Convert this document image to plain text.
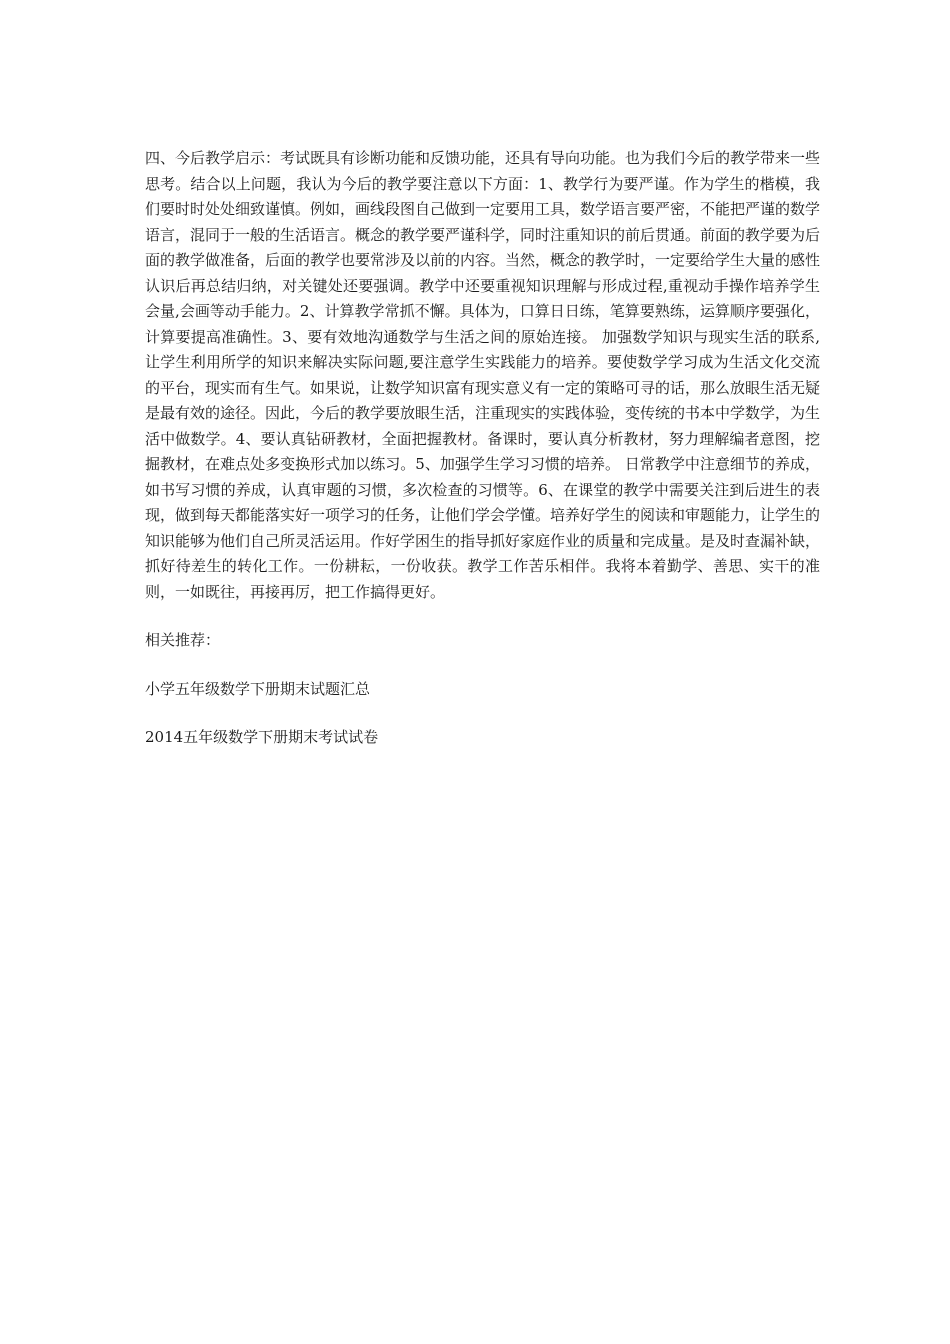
四、今后教学启示：考试既具有诊断功能和反馈功能，还具有导向功能。也为我们今后的教学带来一些思考。结合以上问题，我认为今后的教学要注意以下方面：1、教学行为要严谨。作为学生的楷模，我们要时时处处细致谨慎。例如，画线段图自己做到一定要用工具，数学语言要严密，不能把严谨的数学语言，混同于一般的生活语言。概念的教学要严谨科学，同时注重知识的前后贯通。前面的教学要为后面的教学做准备，后面的教学也要常涉及以前的内容。当然，概念的教学时，一定要给学生大量的感性认识后再总结归纳，对关键处还要强调。教学中还要重视知识理解与形成过程,重视动手操作培养学生会量,会画等动手能力。2、计算教学常抓不懈。具体为，口算日日练，笔算要熟练，运算顺序要强化，计算要提高准确性。3、要有效地沟通数学与生活之间的原始连接。 加强数学知识与现实生活的联系,让学生利用所学的知识来解决实际问题,要注意学生实践能力的培养。要使数学学习成为生活文化交流的平台，现实而有生气。如果说，让数学知识富有现实意义有一定的策略可寻的话，那么放眼生活无疑是最有效的途径。因此，今后的教学要放眼生活，注重现实的实践体验，变传统的书本中学数学，为生活中做数学。4、要认真钻研教材，全面把握教材。备课时，要认真分析教材，努力理解编者意图，挖掘教材，在难点处多变换形式加以练习。5、加强学生学习习惯的培养。 日常教学中注意细节的养成，如书写习惯的养成，认真审题的习惯，多次检查的习惯等。6、在课堂的教学中需要关注到后进生的表现，做到每天都能落实好一项学习的任务，让他们学会学懂。培养好学生的阅读和审题能力，让学生的知识能够为他们自己所灵活运用。作好学困生的指导抓好家庭作业的质量和完成量。是及时查漏补缺，抓好待差生的转化工作。一份耕耘，一份收获。教学工作苦乐相伴。我将本着勤学、善思、实干的准则，一如既往，再接再厉，把工作搞得更好。

相关推荐：

小学五年级数学下册期末试题汇总
2014五年级数学下册期末考试试卷
